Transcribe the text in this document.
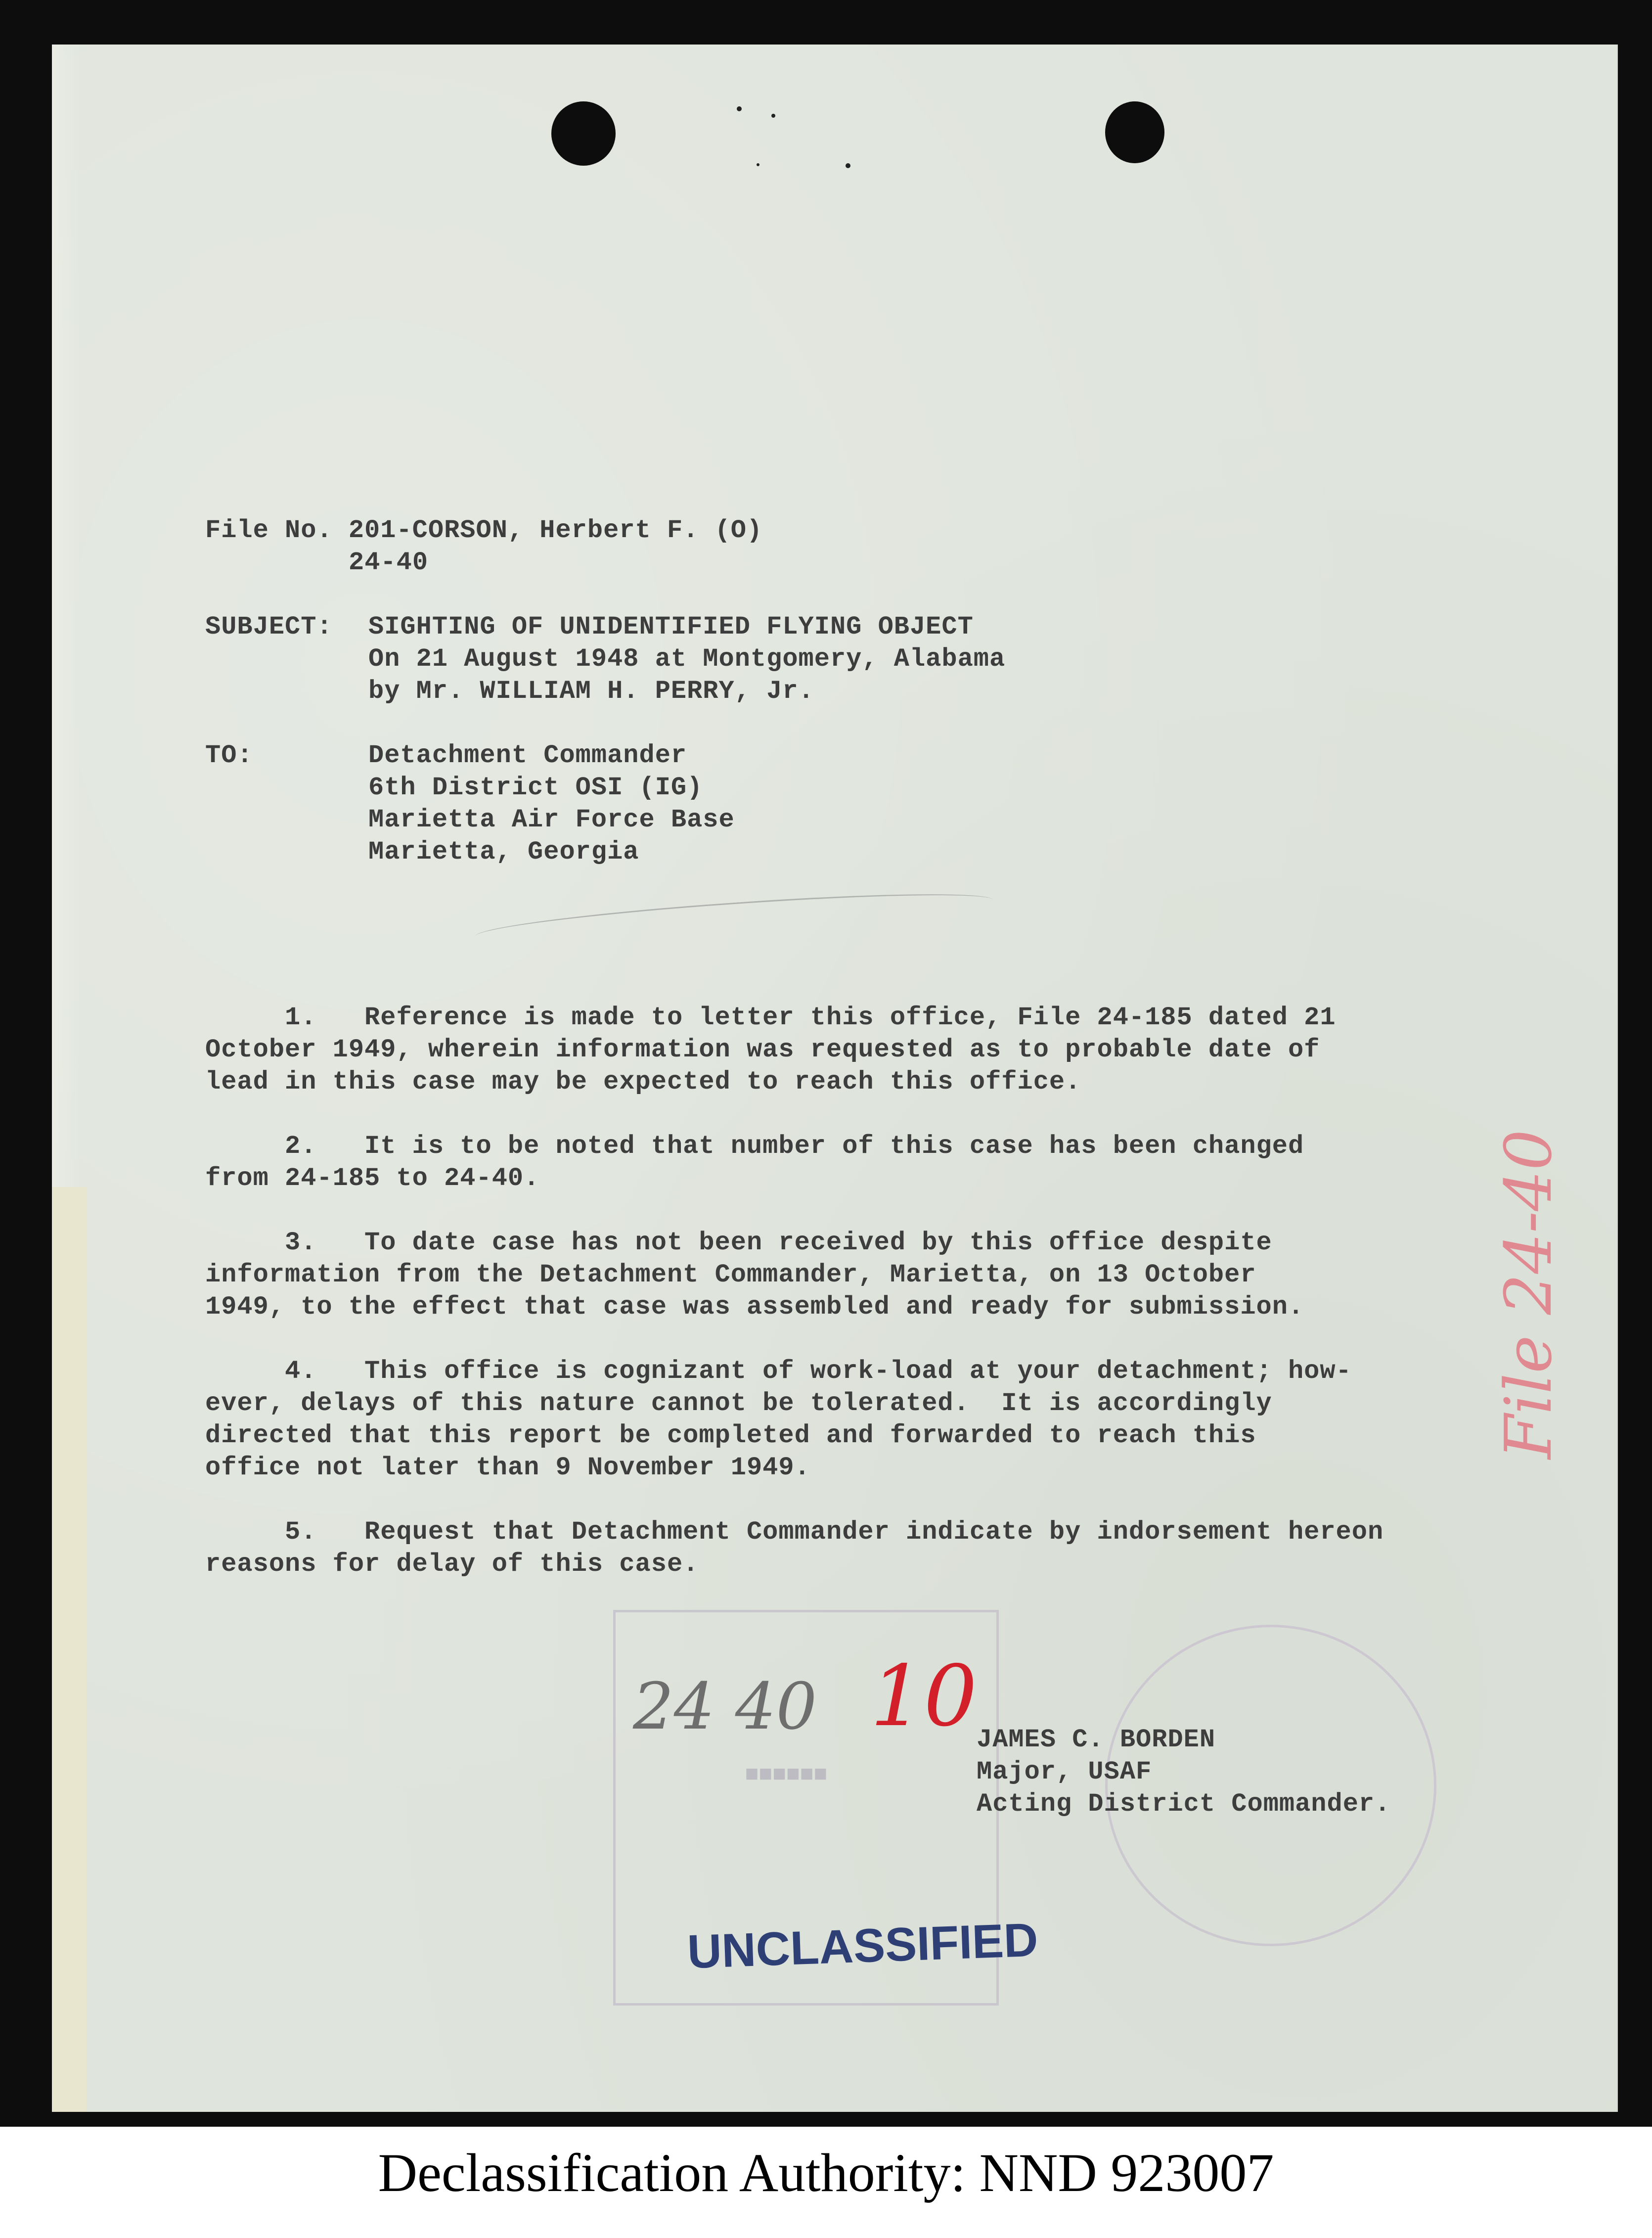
File No. 201-CORSON, Herbert F. (O)
24-40
SUBJECT: SIGHTING OF UNIDENTIFIED FLYING OBJECT
On 21 August 1948 at Montgomery, Alabama
by Mr. WILLIAM H. PERRY, Jr.
TO:	Detachment Commander
6th District OSI (IG)
Marietta Air Force Base
Marietta, Georgia
1.   Reference is made to letter this office, File 24-185 dated 21
October 1949, wherein information was requested as to probable date of
lead in this case may be expected to reach this office.
2.   It is to be noted that number of this case has been changed
from 24-185 to 24-40.
3.   To date case has not been received by this office despite
information from the Detachment Commander, Marietta, on 13 October
1949, to the effect that case was assembled and ready for submission.
4.   This office is cognizant of work-load at your detachment; how-
ever, delays of this nature cannot be tolerated.  It is accordingly
directed that this report be completed and forwarded to reach this
office not later than 9 November 1949.
5.   Request that Detachment Commander indicate by indorsement hereon
reasons for delay of this case.
■■■■■■
24 40 10
JAMES C. BORDEN
Major, USAF
Acting District Commander.
File 24-40
UNCLASSIFIED
Declassification Authority: NND 923007
